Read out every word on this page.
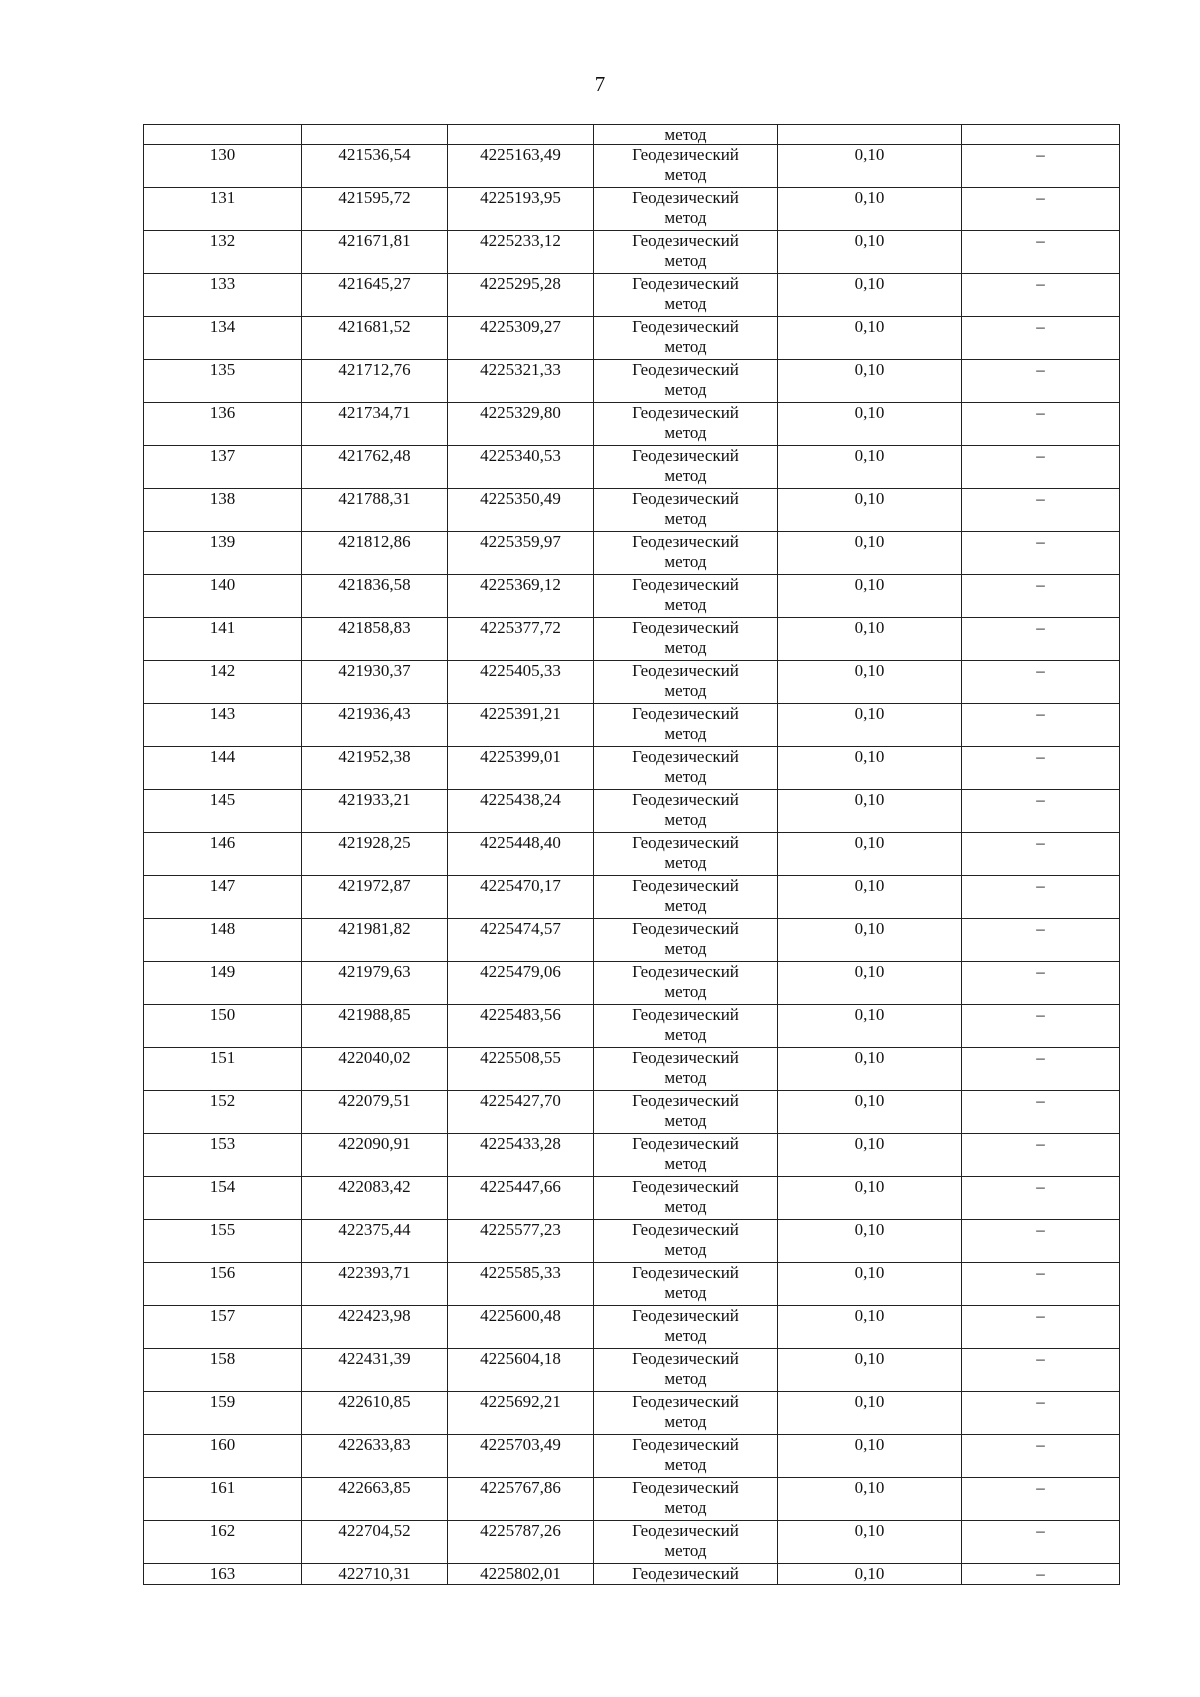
7
			метод		
130	421536,54	4225163,49	Геодезический
метод	0,10	–
131	421595,72	4225193,95	Геодезический
метод	0,10	–
132	421671,81	4225233,12	Геодезический
метод	0,10	–
133	421645,27	4225295,28	Геодезический
метод	0,10	–
134	421681,52	4225309,27	Геодезический
метод	0,10	–
135	421712,76	4225321,33	Геодезический
метод	0,10	–
136	421734,71	4225329,80	Геодезический
метод	0,10	–
137	421762,48	4225340,53	Геодезический
метод	0,10	–
138	421788,31	4225350,49	Геодезический
метод	0,10	–
139	421812,86	4225359,97	Геодезический
метод	0,10	–
140	421836,58	4225369,12	Геодезический
метод	0,10	–
141	421858,83	4225377,72	Геодезический
метод	0,10	–
142	421930,37	4225405,33	Геодезический
метод	0,10	–
143	421936,43	4225391,21	Геодезический
метод	0,10	–
144	421952,38	4225399,01	Геодезический
метод	0,10	–
145	421933,21	4225438,24	Геодезический
метод	0,10	–
146	421928,25	4225448,40	Геодезический
метод	0,10	–
147	421972,87	4225470,17	Геодезический
метод	0,10	–
148	421981,82	4225474,57	Геодезический
метод	0,10	–
149	421979,63	4225479,06	Геодезический
метод	0,10	–
150	421988,85	4225483,56	Геодезический
метод	0,10	–
151	422040,02	4225508,55	Геодезический
метод	0,10	–
152	422079,51	4225427,70	Геодезический
метод	0,10	–
153	422090,91	4225433,28	Геодезический
метод	0,10	–
154	422083,42	4225447,66	Геодезический
метод	0,10	–
155	422375,44	4225577,23	Геодезический
метод	0,10	–
156	422393,71	4225585,33	Геодезический
метод	0,10	–
157	422423,98	4225600,48	Геодезический
метод	0,10	–
158	422431,39	4225604,18	Геодезический
метод	0,10	–
159	422610,85	4225692,21	Геодезический
метод	0,10	–
160	422633,83	4225703,49	Геодезический
метод	0,10	–
161	422663,85	4225767,86	Геодезический
метод	0,10	–
162	422704,52	4225787,26	Геодезический
метод	0,10	–
163	422710,31	4225802,01	Геодезический	0,10	–
